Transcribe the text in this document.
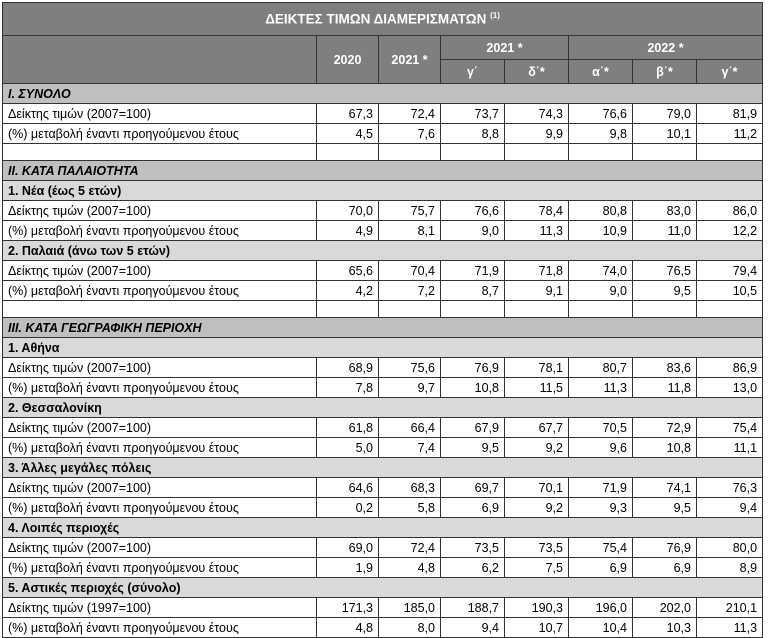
ΔΕΙΚΤΕΣ ΤΙΜΩΝ ΔΙΑΜΕΡΙΣΜΑΤΩΝ $^{(1)}$
	2020	2021 *	2021 *		2022 *		
			γ΄	δ΄*	α΄*	β΄*	γ΄*
I. ΣΥΝΟΛΟ							
Δείκτης τιμών (2007=100)	67,3	72,4	73,7	74,3	76,6	79,0	81,9
(%) μεταβολή έναντι προηγούμενου έτους	4,5	7,6	8,8	9,9	9,8	10,1	11,2

II. ΚΑΤΑ ΠΑΛΑΙΟΤΗΤΑ							
1. Νέα (έως 5 ετών)							
Δείκτης τιμών (2007=100)	70,0	75,7	76,6	78,4	80,8	83,0	86,0
(%) μεταβολή έναντι προηγούμενου έτους	4,9	8,1	9,0	11,3	10,9	11,0	12,2
2. Παλαιά (άνω των 5 ετών)							
Δείκτης τιμών (2007=100)	65,6	70,4	71,9	71,8	74,0	76,5	79,4
(%) μεταβολή έναντι προηγούμενου έτους	4,2	7,2	8,7	9,1	9,0	9,5	10,5

III. ΚΑΤΑ ΓΕΩΓΡΑΦΙΚΗ ΠΕΡΙΟΧΗ							
1. Αθήνα							
Δείκτης τιμών (2007=100)	68,9	75,6	76,9	78,1	80,7	83,6	86,9
(%) μεταβολή έναντι προηγούμενου έτους	7,8	9,7	10,8	11,5	11,3	11,8	13,0
2. Θεσσαλονίκη							
Δείκτης τιμών (2007=100)	61,8	66,4	67,9	67,7	70,5	72,9	75,4
(%) μεταβολή έναντι προηγούμενου έτους	5,0	7,4	9,5	9,2	9,6	10,8	11,1
3. Άλλες μεγάλες πόλεις							
Δείκτης τιμών (2007=100)	64,6	68,3	69,7	70,1	71,9	74,1	76,3
(%) μεταβολή έναντι προηγούμενου έτους	0,2	5,8	6,9	9,2	9,3	9,5	9,4
4. Λοιπές περιοχές							
Δείκτης τιμών (2007=100)	69,0	72,4	73,5	73,5	75,4	76,9	80,0
(%) μεταβολή έναντι προηγούμενου έτους	1,9	4,8	6,2	7,5	6,9	6,9	8,9
5. Αστικές περιοχές (σύνολο)							
Δείκτης τιμών (1997=100)	171,3	185,0	188,7	190,3	196,0	202,0	210,1
(%) μεταβολή έναντι προηγούμενου έτους	4,8	8,0	9,4	10,7	10,4	10,3	11,3
